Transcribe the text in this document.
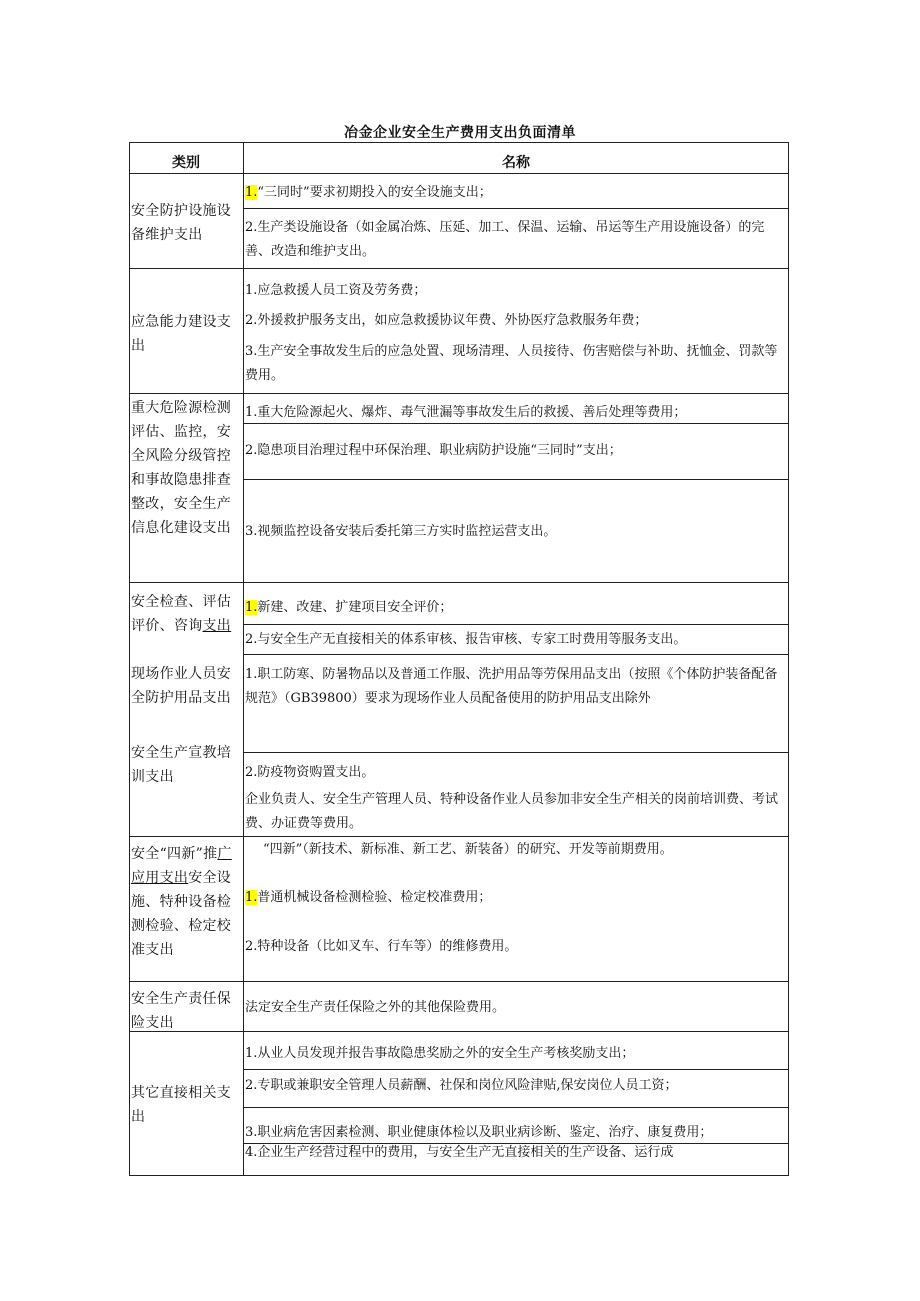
冶金企业安全生产费用支出负面清单
类别	名称
安全防护设施设备维护支出
1.“三同时”要求初期投入的安全设施支出；
2.生产类设施设备（如金属冶炼、压延、加工、保温、运输、吊运等生产用设施设备）的完善、改造和维护支出。
应急能力建设支出
1.应急救援人员工资及劳务费；
2.外援救护服务支出，如应急救援协议年费、外协医疗急救服务年费；
3.生产安全事故发生后的应急处置、现场清理、人员接待、伤害赔偿与补助、抚恤金、罚款等费用。
重大危险源检测评估、监控，安全风险分级管控和事故隐患排查整改，安全生产信息化建设支出
1.重大危险源起火、爆炸、毒气泄漏等事故发生后的救援、善后处理等费用；
2.隐患项目治理过程中环保治理、职业病防护设施“三同时”支出；
3.视频监控设备安装后委托第三方实时监控运营支出。
安全检查、评估评价、咨询支出
现场作业人员安全防护用品支出
安全生产宣教培训支出
1.新建、改建、扩建项目安全评价；
2.与安全生产无直接相关的体系审核、报告审核、专家工时费用等服务支出。
1.职工防寒、防暑物品以及普通工作服、洗护用品等劳保用品支出（按照《个体防护装备配备规范》（GB39800）要求为现场作业人员配备使用的防护用品支出除外
2.防疫物资购置支出。
企业负责人、安全生产管理人员、特种设备作业人员参加非安全生产相关的岗前培训费、考试费、办证费等费用。
安全“四新”推广应用支出安全设施、特种设备检测检验、检定校准支出
“四新”（新技术、新标准、新工艺、新装备）的研究、开发等前期费用。
1.普通机械设备检测检验、检定校准费用；
2.特种设备（比如叉车、行车等）的维修费用。
安全生产责任保险支出
法定安全生产责任保险之外的其他保险费用。
其它直接相关支出
1.从业人员发现并报告事故隐患奖励之外的安全生产考核奖励支出；
2.专职或兼职安全管理人员薪酬、社保和岗位风险津贴,保安岗位人员工资；
3.职业病危害因素检测、职业健康体检以及职业病诊断、鉴定、治疗、康复费用；
4.企业生产经营过程中的费用，与安全生产无直接相关的生产设备、运行成
